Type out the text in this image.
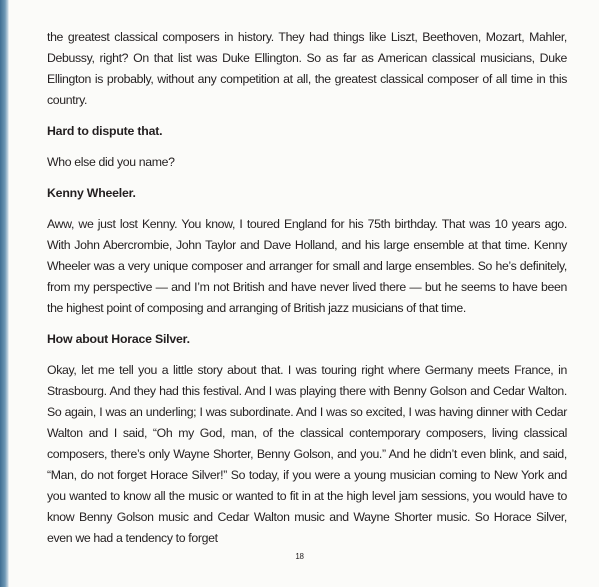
the greatest classical composers in history. They had things like Liszt, Beethoven, Mozart, Mahler, Debussy, right? On that list was Duke Ellington. So as far as American classical musicians, Duke Ellington is probably, without any competition at all, the greatest classical composer of all time in this country.

Hard to dispute that.

Who else did you name?

Kenny Wheeler.

Aww, we just lost Kenny. You know, I toured England for his 75th birthday. That was 10 years ago. With John Abercrombie, John Taylor and Dave Holland, and his large ensemble at that time. Kenny Wheeler was a very unique composer and arranger for small and large ensembles. So he’s definitely, from my perspective — and I’m not British and have never lived there — but he seems to have been the highest point of composing and arranging of British jazz musicians of that time.

How about Horace Silver.

Okay, let me tell you a little story about that. I was touring right where Germany meets France, in Strasbourg. And they had this festival. And I was playing there with Benny Golson and Cedar Walton. So again, I was an underling; I was subordinate. And I was so excited, I was having dinner with Cedar Walton and I said, “Oh my God, man, of the classical contemporary composers, living classical composers, there’s only Wayne Shorter, Benny Golson, and you.” And he didn’t even blink, and said, “Man, do not forget Horace Silver!” So today, if you were a young musician coming to New York and you wanted to know all the music or wanted to fit in at the high level jam sessions, you would have to know Benny Golson music and Cedar Walton music and Wayne Shorter music. So Horace Silver, even we had a tendency to forget

18
